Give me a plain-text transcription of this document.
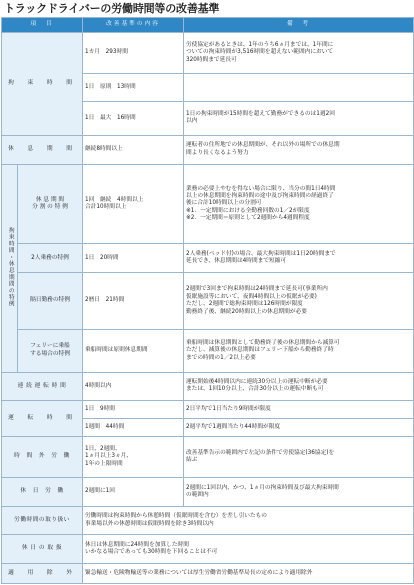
トラックドライバーの労働時間等の改善基準
項　目		改善基準の内容	備　考
拘　束　時　間		1カ月　293時間	労使協定があるときは、1年のうち6ヵ月までは、1年間に
ついての拘束時間が3,516時間を超えない範囲内において
320時間まで延長可

		1日　原則　13時間	
		1日　最大　16時間	1日の拘束時間が15時間を超えて勤務ができるのは1週2回
以内

休　息　期　間		継続8時間以上	運転者の住所地での休息期間が、それ以外の場所での休息期
間より長くなるよう努力

拘束時間・休息期間の特例	休 息 期 間
分 割 の 特 例	1回　継続　4時間以上
合計10時間以上	業務の必要上やむを得ない場合に限り、当分の間1日4時間
以上の休息期間を拘束時間の途中及び拘束時間の経過終了
後に合計10時間以上の分割可
※1．一定期間における全勤務回数の1／2が限度
※2．一定期間＝原則として2週間から4週間程度

	2人乗務の特例	1日　20時間	2人乗務(ベッド付)の場合、最大拘束時間は1日20時間まで
延長でき、休息期間は4時間まで短縮可

	隔日勤務の特例	2暦日　21時間	2週間で3回まで拘束時間は24時間まで延長可(事業所内
仮眠施設等において、夜間4時間以上の仮眠が必要)
ただし、2週間で総拘束時間は126時間が限度
勤務終了後、継続20時間以上の休息期間が必要

	フェリーに乗船
する場合の特例	乗船時間は原則休息期間	乗船時間は休息期間として勤務終了後の休息期間から減算可
ただし、減算後の休息期間はフェリー下船から勤務終了時
までの時間の1／2以上必要

連 続 運 転 時 間		4時間以内	運転開始後4時間以内に連続30分以上の運転中断が必要
または、1回10分以上、合計30分以上の運転中断も可

運　転　時　間		1日　9時間	2日平均で1日当たり9時間が限度
		1週間　44時間	2週平均で1週間当たり44時間が限度
時　間　外　労　働		1日、2週間、
1ヵ月以上3ヵ月、
1年の上限時間	改善基準告示の範囲内で左記の条件で労使協定(36協定)を
結ぶ

休　日　労　働		2週間に1回	2週間に1回以内、かつ、1ヵ月の拘束時間及び最大拘束時間
の範囲内

労働時間の取り扱い		労働時間は拘束時間から休憩時間（仮眠時間を含む）を差し引いたもの
事業場以外の休憩時間は仮眠時間を除き3時間以内	

休 日 の 取 扱		休日は休息期間に24時間を加算した時間
いかなる場合であっても30時間を下回ることは不可	

適　用　除　外		緊急輸送・危険物輸送等の業務については厚生労働省労働基準局長の定めにより適用除外	
